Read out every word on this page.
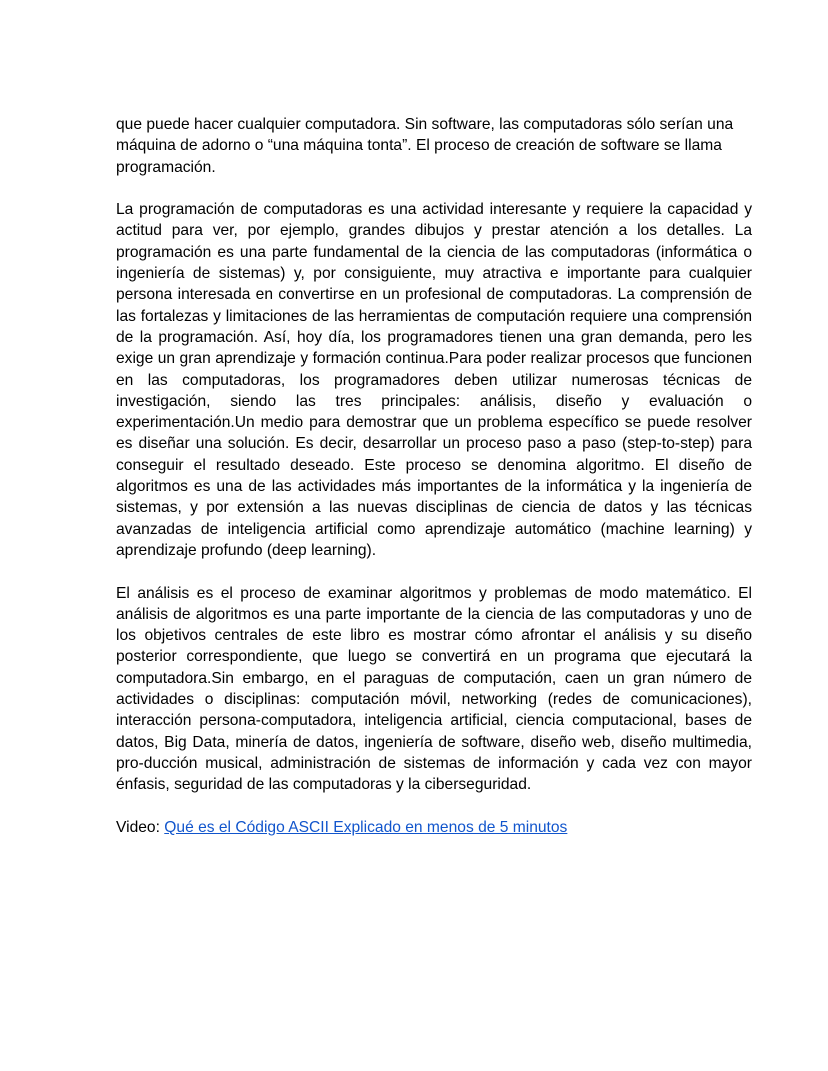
que puede hacer cualquier computadora. Sin software, las computadoras sólo serían una máquina de adorno o “una máquina tonta”. El proceso de creación de software se llama programación.

La programación de computadoras es una actividad interesante y requiere la capacidad y actitud para ver, por ejemplo, grandes dibujos y prestar atención a los detalles. La programación es una parte fundamental de la ciencia de las computadoras (informática o ingeniería de sistemas) y, por consiguiente, muy atractiva e importante para cualquier persona interesada en convertirse en un profesional de computadoras. La comprensión de las fortalezas y limitaciones de las herramientas de computación requiere una comprensión de la programación. Así, hoy día, los programadores tienen una gran demanda, pero les exige un gran aprendizaje y formación continua.Para poder realizar procesos que funcionen en las computadoras, los programadores deben utilizar numerosas técnicas de investigación, siendo las tres principales: análisis, diseño y evaluación o experimentación.Un medio para demostrar que un problema específico se puede resolver es diseñar una solución. Es decir, desarrollar un proceso paso a paso (step-to-step) para conseguir el resultado deseado. Este proceso se denomina algoritmo. El diseño de algoritmos es una de las actividades más importantes de la informática y la ingeniería de sistemas, y por extensión a las nuevas disciplinas de ciencia de datos y las técnicas avanzadas de inteligencia artificial como aprendizaje automático (machine learning) y aprendizaje profundo (deep learning).

El análisis es el proceso de examinar algoritmos y problemas de modo matemático. El análisis de algoritmos es una parte importante de la ciencia de las computadoras y uno de los objetivos centrales de este libro es mostrar cómo afrontar el análisis y su diseño posterior correspondiente, que luego se convertirá en un programa que ejecutará la computadora.Sin embargo, en el paraguas de computación, caen un gran número de actividades o disciplinas: computación móvil, networking (redes de comunicaciones), interacción persona-computadora, inteligencia artificial, ciencia computacional, bases de datos, Big Data, minería de datos, ingeniería de software, diseño web, diseño multimedia, pro-ducción musical, administración de sistemas de información y cada vez con mayor énfasis, seguridad de las computadoras y la ciberseguridad.

Video: Qué es el Código ASCII Explicado en menos de 5 minutos
